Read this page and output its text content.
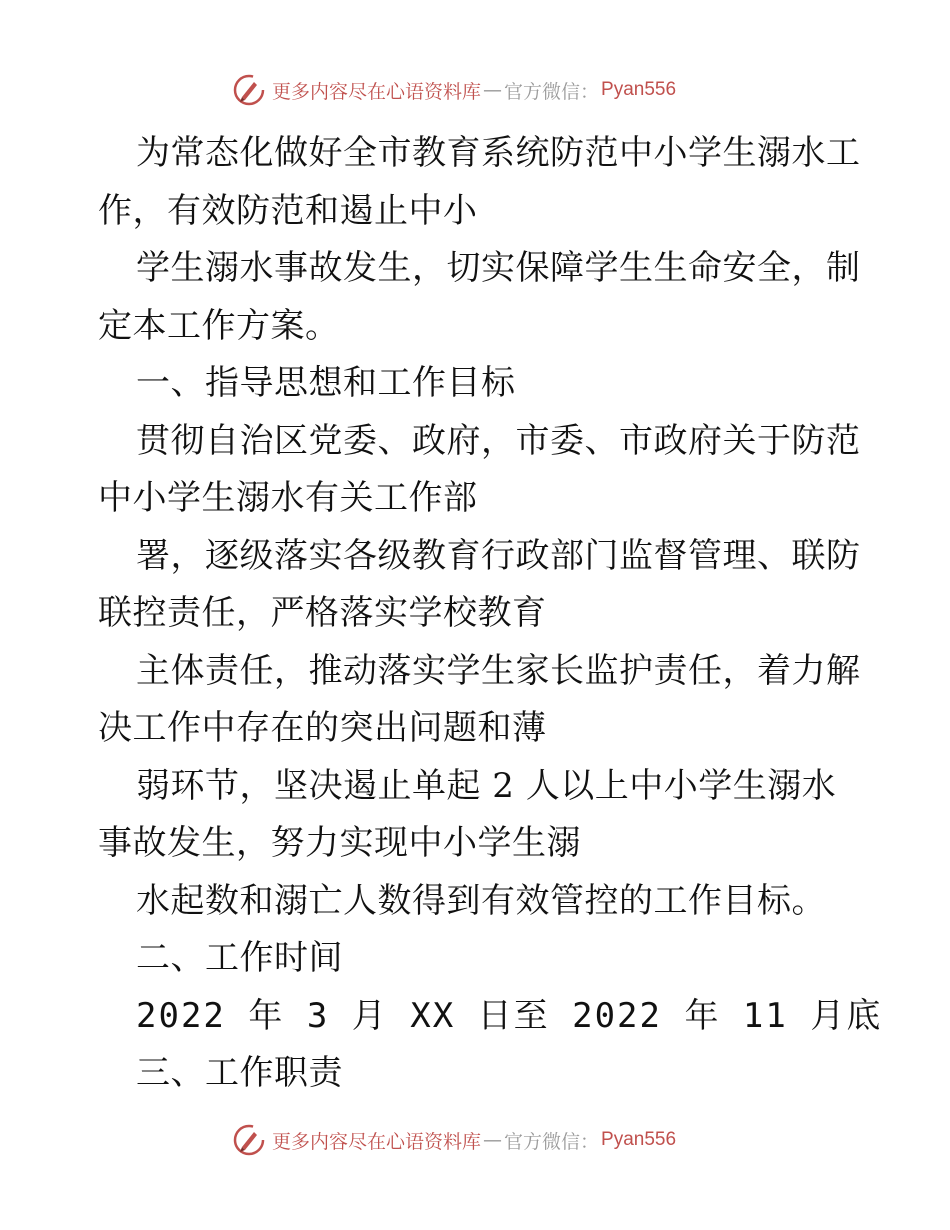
更多内容尽在心语资料库 — 官方微信： Pyan556
为常态化做好全市教育系统防范中小学生溺水工
作，有效防范和遏止中小
学生溺水事故发生，切实保障学生生命安全，制
定本工作方案。
一、指导思想和工作目标
贯彻自治区党委、政府，市委、市政府关于防范
中小学生溺水有关工作部
署，逐级落实各级教育行政部门监督管理、联防
联控责任，严格落实学校教育
主体责任，推动落实学生家长监护责任，着力解
决工作中存在的突出问题和薄
弱环节，坚决遏止单起 2 人以上中小学生溺水
事故发生，努力实现中小学生溺
水起数和溺亡人数得到有效管控的工作目标。
二、工作时间
2022 年 3 月 XX 日至 2022 年 11 月底
三、工作职责
更多内容尽在心语资料库 — 官方微信： Pyan556
